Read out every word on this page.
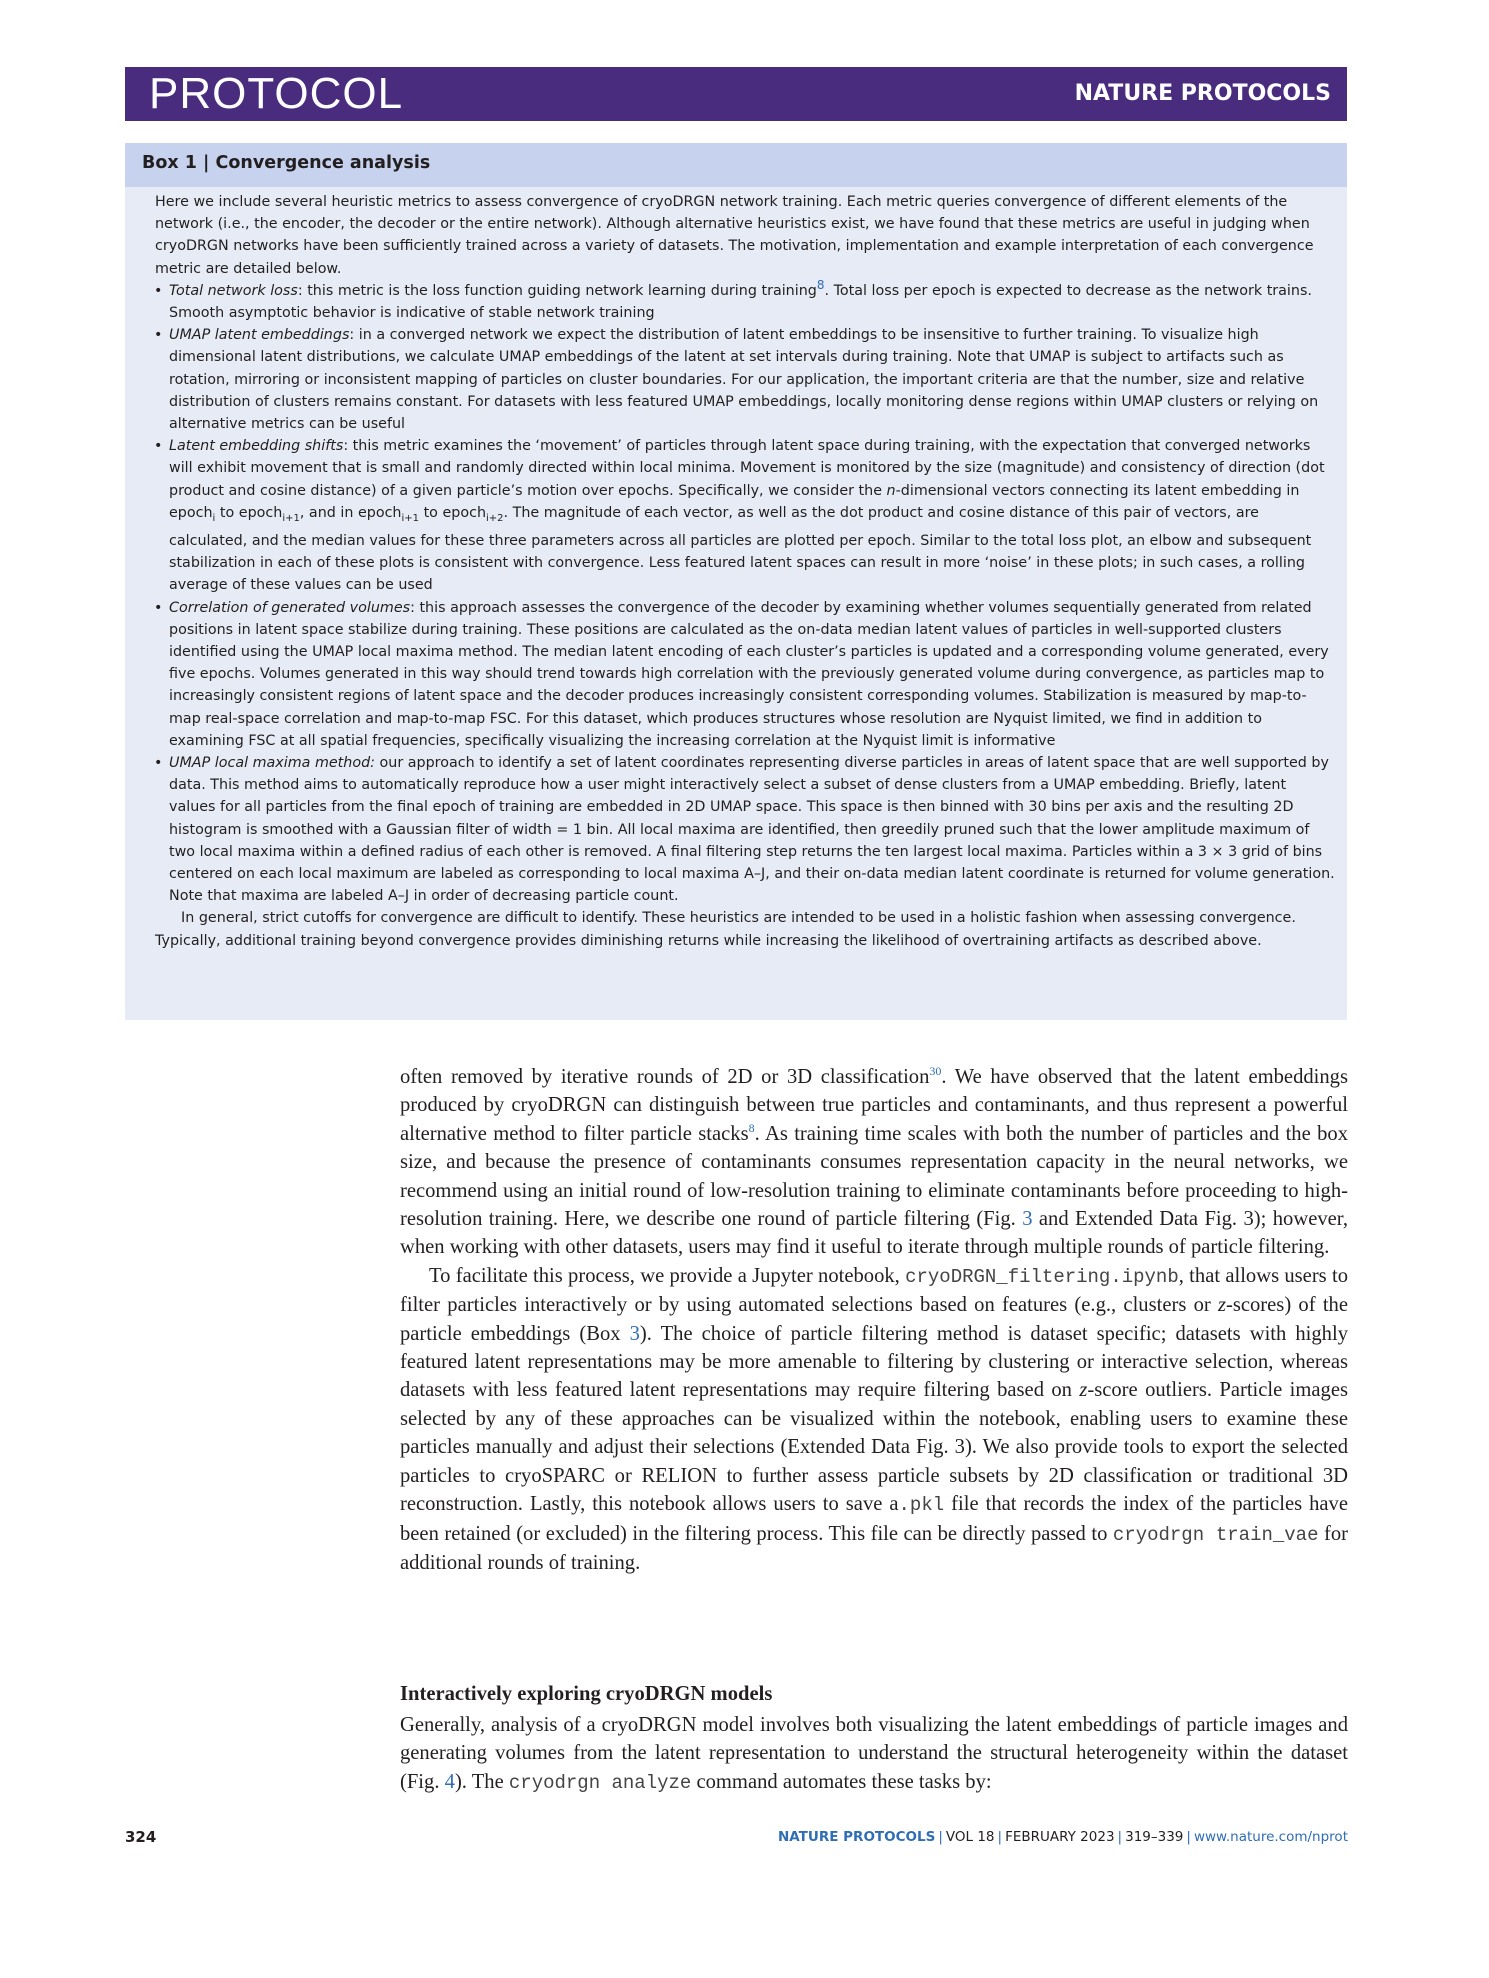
PROTOCOL	NATURE PROTOCOLS
Box 1 | Convergence analysis

Here we include several heuristic metrics to assess convergence of cryoDRGN network training. Each metric queries convergence of different elements of the network (i.e., the encoder, the decoder or the entire network). Although alternative heuristics exist, we have found that these metrics are useful in judging when cryoDRGN networks have been sufficiently trained across a variety of datasets. The motivation, implementation and example interpretation of each convergence metric are detailed below.

• Total network loss: this metric is the loss function guiding network learning during training$^8$. Total loss per epoch is expected to decrease as the network trains. Smooth asymptotic behavior is indicative of stable network training

• UMAP latent embeddings: in a converged network we expect the distribution of latent embeddings to be insensitive to further training. To visualize high dimensional latent distributions, we calculate UMAP embeddings of the latent at set intervals during training. Note that UMAP is subject to artifacts such as rotation, mirroring or inconsistent mapping of particles on cluster boundaries. For our application, the important criteria are that the number, size and relative distribution of clusters remains constant. For datasets with less featured UMAP embeddings, locally monitoring dense regions within UMAP clusters or relying on alternative metrics can be useful

• Latent embedding shifts: this metric examines the ‘movement’ of particles through latent space during training, with the expectation that converged networks will exhibit movement that is small and randomly directed within local minima. Movement is monitored by the size (magnitude) and consistency of direction (dot product and cosine distance) of a given particle’s motion over epochs. Specifically, we consider the n-dimensional vectors connecting its latent embedding in epoch$_i$ to epoch$_{i+1}$, and in epoch$_{i+1}$ to epoch$_{i+2}$. The magnitude of each vector, as well as the dot product and cosine distance of this pair of vectors, are calculated, and the median values for these three parameters across all particles are plotted per epoch. Similar to the total loss plot, an elbow and subsequent stabilization in each of these plots is consistent with convergence. Less featured latent spaces can result in more ‘noise’ in these plots; in such cases, a rolling average of these values can be used

• Correlation of generated volumes: this approach assesses the convergence of the decoder by examining whether volumes sequentially generated from related positions in latent space stabilize during training. These positions are calculated as the on-data median latent values of particles in well-supported clusters identified using the UMAP local maxima method. The median latent encoding of each cluster’s particles is updated and a corresponding volume generated, every five epochs. Volumes generated in this way should trend towards high correlation with the previously generated volume during convergence, as particles map to increasingly consistent regions of latent space and the decoder produces increasingly consistent corresponding volumes. Stabilization is measured by map-to-map real-space correlation and map-to-map FSC. For this dataset, which produces structures whose resolution are Nyquist limited, we find in addition to examining FSC at all spatial frequencies, specifically visualizing the increasing correlation at the Nyquist limit is informative

• UMAP local maxima method: our approach to identify a set of latent coordinates representing diverse particles in areas of latent space that are well supported by data. This method aims to automatically reproduce how a user might interactively select a subset of dense clusters from a UMAP embedding. Briefly, latent values for all particles from the final epoch of training are embedded in 2D UMAP space. This space is then binned with 30 bins per axis and the resulting 2D histogram is smoothed with a Gaussian filter of width = 1 bin. All local maxima are identified, then greedily pruned such that the lower amplitude maximum of two local maxima within a defined radius of each other is removed. A final filtering step returns the ten largest local maxima. Particles within a 3 × 3 grid of bins centered on each local maximum are labeled as corresponding to local maxima A–J, and their on-data median latent coordinate is returned for volume generation. Note that maxima are labeled A–J in order of decreasing particle count.

In general, strict cutoffs for convergence are difficult to identify. These heuristics are intended to be used in a holistic fashion when assessing convergence. Typically, additional training beyond convergence provides diminishing returns while increasing the likelihood of overtraining artifacts as described above.

often removed by iterative rounds of 2D or 3D classification$^{30}$. We have observed that the latent embeddings produced by cryoDRGN can distinguish between true particles and contaminants, and thus represent a powerful alternative method to filter particle stacks$^8$. As training time scales with both the number of particles and the box size, and because the presence of contaminants consumes representation capacity in the neural networks, we recommend using an initial round of low-resolution training to eliminate contaminants before proceeding to high-resolution training. Here, we describe one round of particle filtering (Fig. 3 and Extended Data Fig. 3); however, when working with other datasets, users may find it useful to iterate through multiple rounds of particle filtering.

To facilitate this process, we provide a Jupyter notebook, cryoDRGN_filtering.ipynb, that allows users to filter particles interactively or by using automated selections based on features (e.g., clusters or z-scores) of the particle embeddings (Box 3). The choice of particle filtering method is dataset specific; datasets with highly featured latent representations may be more amenable to filtering by clustering or interactive selection, whereas datasets with less featured latent representations may require filtering based on z-score outliers. Particle images selected by any of these approaches can be visualized within the notebook, enabling users to examine these particles manually and adjust their selections (Extended Data Fig. 3). We also provide tools to export the selected particles to cryoSPARC or RELION to further assess particle subsets by 2D classification or traditional 3D reconstruction. Lastly, this notebook allows users to save a.pkl file that records the index of the particles have been retained (or excluded) in the filtering process. This file can be directly passed to cryodrgn train_vae for additional rounds of training.

Interactively exploring cryoDRGN models

Generally, analysis of a cryoDRGN model involves both visualizing the latent embeddings of particle images and generating volumes from the latent representation to understand the structural heterogeneity within the dataset (Fig. 4). The cryodrgn analyze command automates these tasks by:

324	NATURE PROTOCOLS | VOL 18 | FEBRUARY 2023 | 319–339 | www.nature.com/nprot
